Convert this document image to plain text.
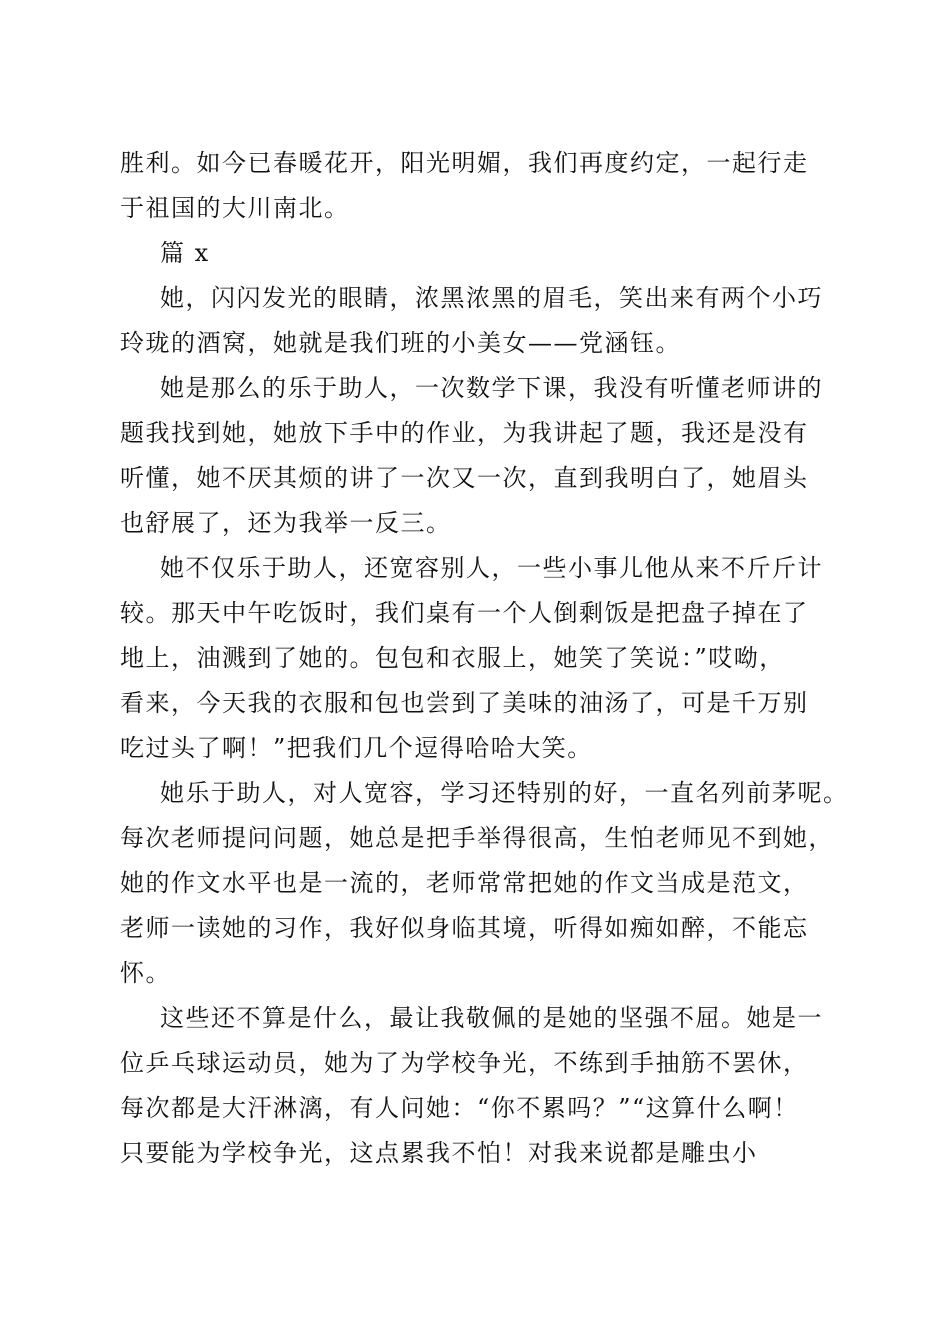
胜利。如今已春暖花开，阳光明媚，我们再度约定，一起行走
于祖国的大川南北。
篇 x
她，闪闪发光的眼睛，浓黑浓黑的眉毛，笑出来有两个小巧
玲珑的酒窝，她就是我们班的小美女——党涵钰。
她是那么的乐于助人，一次数学下课，我没有听懂老师讲的
题我找到她，她放下手中的作业，为我讲起了题，我还是没有
听懂，她不厌其烦的讲了一次又一次，直到我明白了，她眉头
也舒展了，还为我举一反三。
她不仅乐于助人，还宽容别人，一些小事儿他从来不斤斤计
较。那天中午吃饭时，我们桌有一个人倒剩饭是把盘子掉在了
地上，油溅到了她的。包包和衣服上，她笑了笑说：”哎呦，
看来，今天我的衣服和包也尝到了美味的油汤了，可是千万别
吃过头了啊！”把我们几个逗得哈哈大笑。
她乐于助人，对人宽容，学习还特别的好，一直名列前茅呢。
每次老师提问问题，她总是把手举得很高，生怕老师见不到她，
她的作文水平也是一流的，老师常常把她的作文当成是范文，
老师一读她的习作，我好似身临其境，听得如痴如醉，不能忘
怀。
这些还不算是什么，最让我敬佩的是她的坚强不屈。她是一
位乒乓球运动员，她为了为学校争光，不练到手抽筋不罢休，
每次都是大汗淋漓，有人问她：“你不累吗？”“这算什么啊！
只要能为学校争光，这点累我不怕！对我来说都是雕虫小
